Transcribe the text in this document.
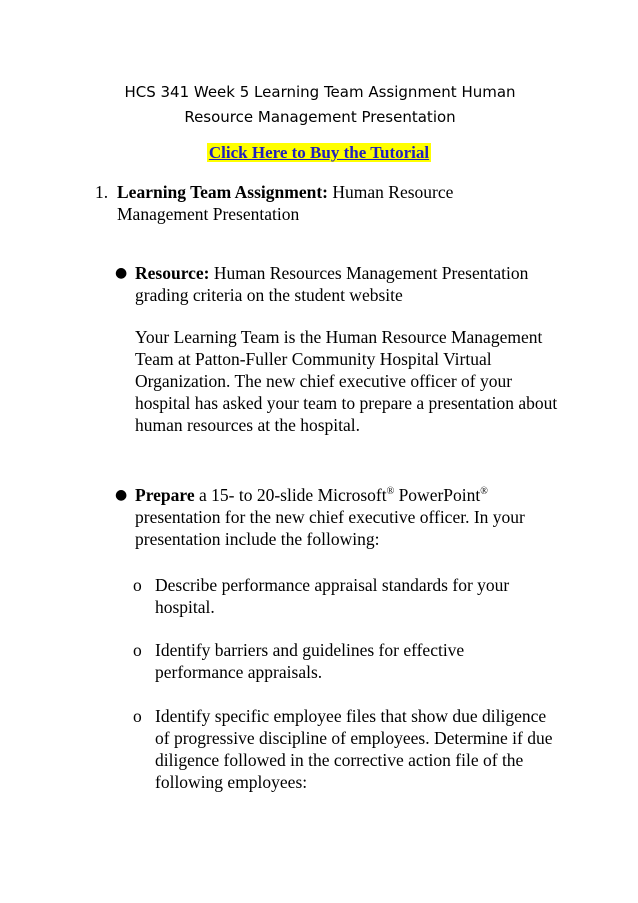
HCS 341 Week 5 Learning Team Assignment Human
Resource Management Presentation
Click Here to Buy the Tutorial
1. Learning Team Assignment: Human Resource Management Presentation
● Resource: Human Resources Management Presentation grading criteria on the student website
Your Learning Team is the Human Resource Management Team at Patton-Fuller Community Hospital Virtual Organization. The new chief executive officer of your hospital has asked your team to prepare a presentation about human resources at the hospital.
● Prepare a 15- to 20-slide Microsoft® PowerPoint® presentation for the new chief executive officer. In your presentation include the following:
o Describe performance appraisal standards for your hospital.
o Identify barriers and guidelines for effective performance appraisals.
o Identify specific employee files that show due diligence of progressive discipline of employees. Determine if due diligence followed in the corrective action file of the following employees:
